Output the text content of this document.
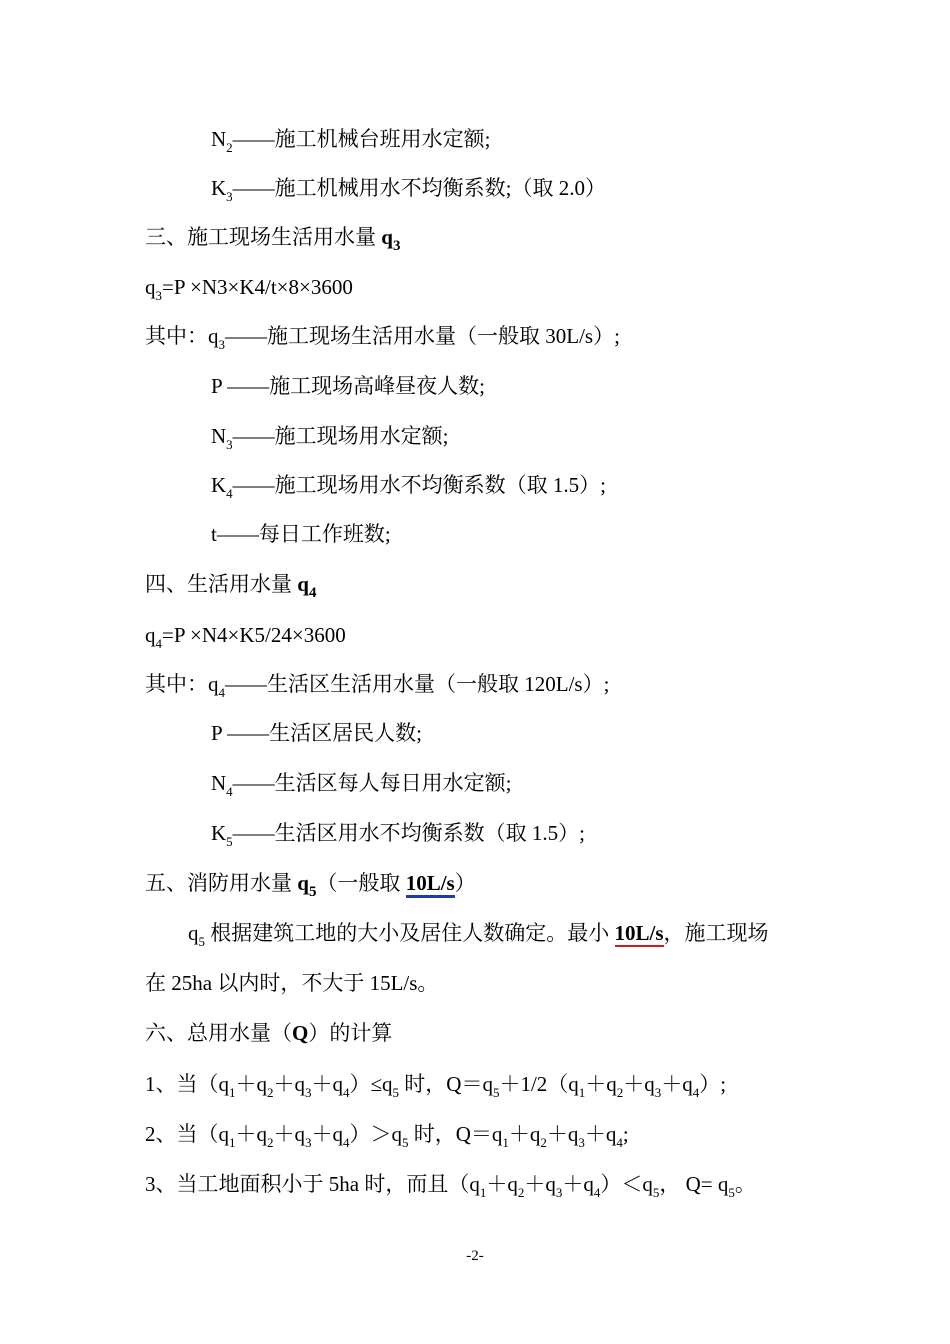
$N_2——$施工机械台班用水定额;
$K_3——$施工机械用水不均衡系数;（取 2.0）
三、施工现场生活用水量 $q_3$
$q_3=P \times N3\times K4/t\times 8\times 3600$
其中：$q_3——$施工现场生活用水量（一般取 30L/s）;
P ——施工现场高峰昼夜人数;
$N_3——$施工现场用水定额;
$K_4——$施工现场用水不均衡系数（取 1.5）;
t——每日工作班数;
四、生活用水量 $q_4$
$q_4=P \times N4\times K5/24\times 3600$
其中：$q_4——$生活区生活用水量（一般取 120L/s）;
P ——生活区居民人数;
$N_4——$生活区每人每日用水定额;
$K_5——$生活区用水不均衡系数（取 1.5）;
五、消防用水量 $q_5$（一般取 10L/s）
$q_5$ 根据建筑工地的大小及居住人数确定。最小 10L/s，施工现场
在 25ha 以内时，不大于 15L/s。
六、总用水量（Q）的计算
1、当$(q_1+q_2+q_3+q_4)\le q_5$ 时，$Q=q_5+1/2(q_1+q_2+q_3+q_4)$;
2、当$(q_1+q_2+q_3+q_4)>q_5$ 时，$Q=q_1+q_2+q_3+q_4$;
3、当工地面积小于 5ha 时，而且$(q_1+q_2+q_3+q_4)<q_5$， $Q= q_5$。
-2-
